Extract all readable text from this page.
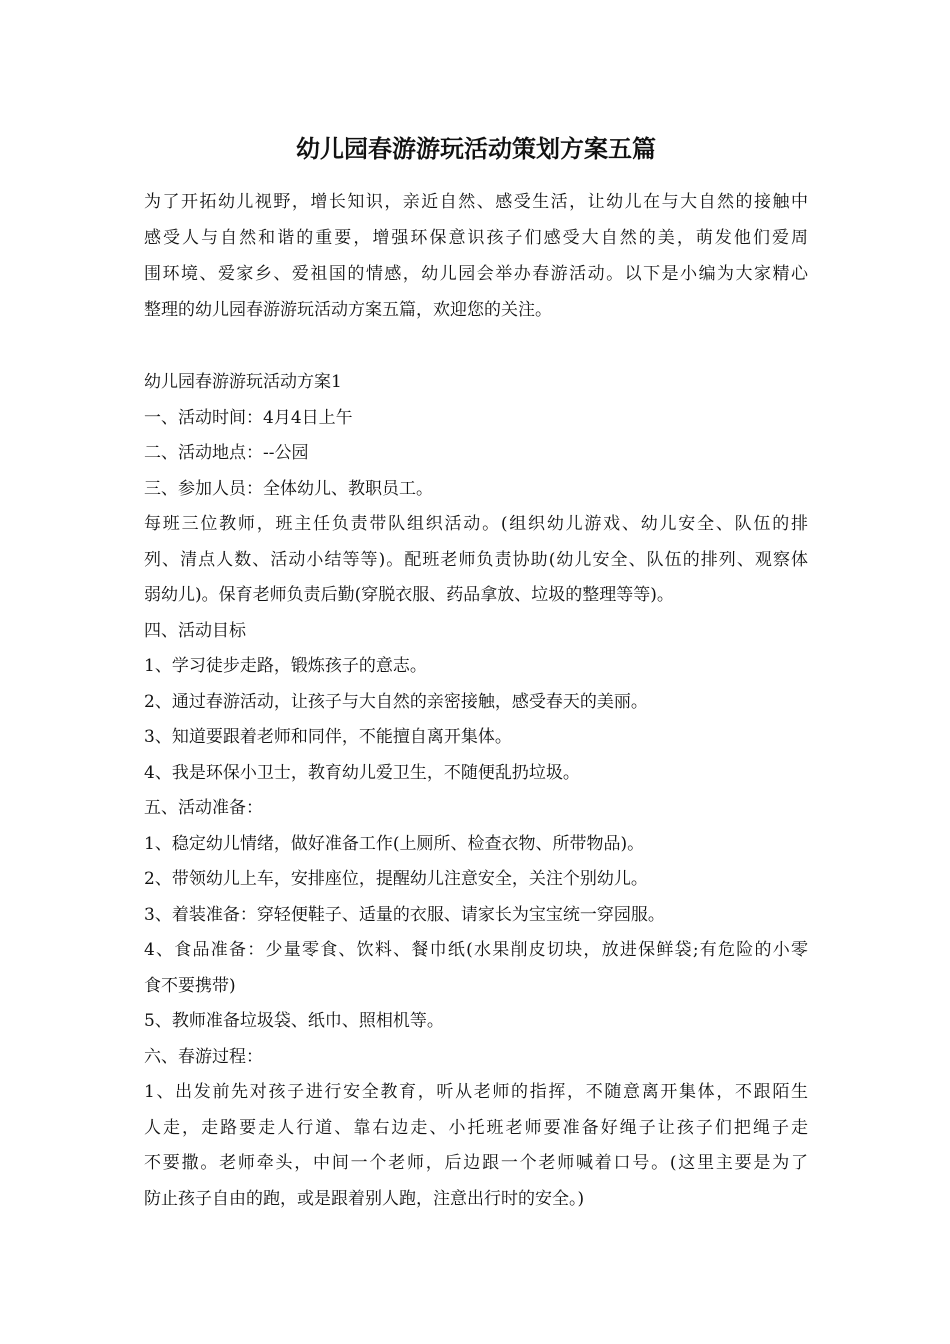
幼儿园春游游玩活动策划方案五篇
为了开拓幼儿视野，增长知识，亲近自然、感受生活，让幼儿在与大自然的接触中
感受人与自然和谐的重要，增强环保意识孩子们感受大自然的美，萌发他们爱周
围环境、爱家乡、爱祖国的情感，幼儿园会举办春游活动。以下是小编为大家精心
整理的幼儿园春游游玩活动方案五篇，欢迎您的关注。
幼儿园春游游玩活动方案1
一、活动时间：4月4日上午
二、活动地点：--公园
三、参加人员：全体幼儿、教职员工。
每班三位教师，班主任负责带队组织活动。(组织幼儿游戏、幼儿安全、队伍的排
列、清点人数、活动小结等等)。配班老师负责协助(幼儿安全、队伍的排列、观察体
弱幼儿)。保育老师负责后勤(穿脱衣服、药品拿放、垃圾的整理等等)。
四、活动目标
1、学习徒步走路，锻炼孩子的意志。
2、通过春游活动，让孩子与大自然的亲密接触，感受春天的美丽。
3、知道要跟着老师和同伴，不能擅自离开集体。
4、我是环保小卫士，教育幼儿爱卫生，不随便乱扔垃圾。
五、活动准备：
1、稳定幼儿情绪，做好准备工作(上厕所、检查衣物、所带物品)。
2、带领幼儿上车，安排座位，提醒幼儿注意安全，关注个别幼儿。
3、着装准备：穿轻便鞋子、适量的衣服、请家长为宝宝统一穿园服。
4、食品准备：少量零食、饮料、餐巾纸(水果削皮切块，放进保鲜袋;有危险的小零
食不要携带)
5、教师准备垃圾袋、纸巾、照相机等。
六、春游过程：
1、出发前先对孩子进行安全教育，听从老师的指挥，不随意离开集体，不跟陌生
人走，走路要走人行道、靠右边走、小托班老师要准备好绳子让孩子们把绳子走
不要撒。老师牵头，中间一个老师，后边跟一个老师喊着口号。(这里主要是为了
防止孩子自由的跑，或是跟着别人跑，注意出行时的安全。)
